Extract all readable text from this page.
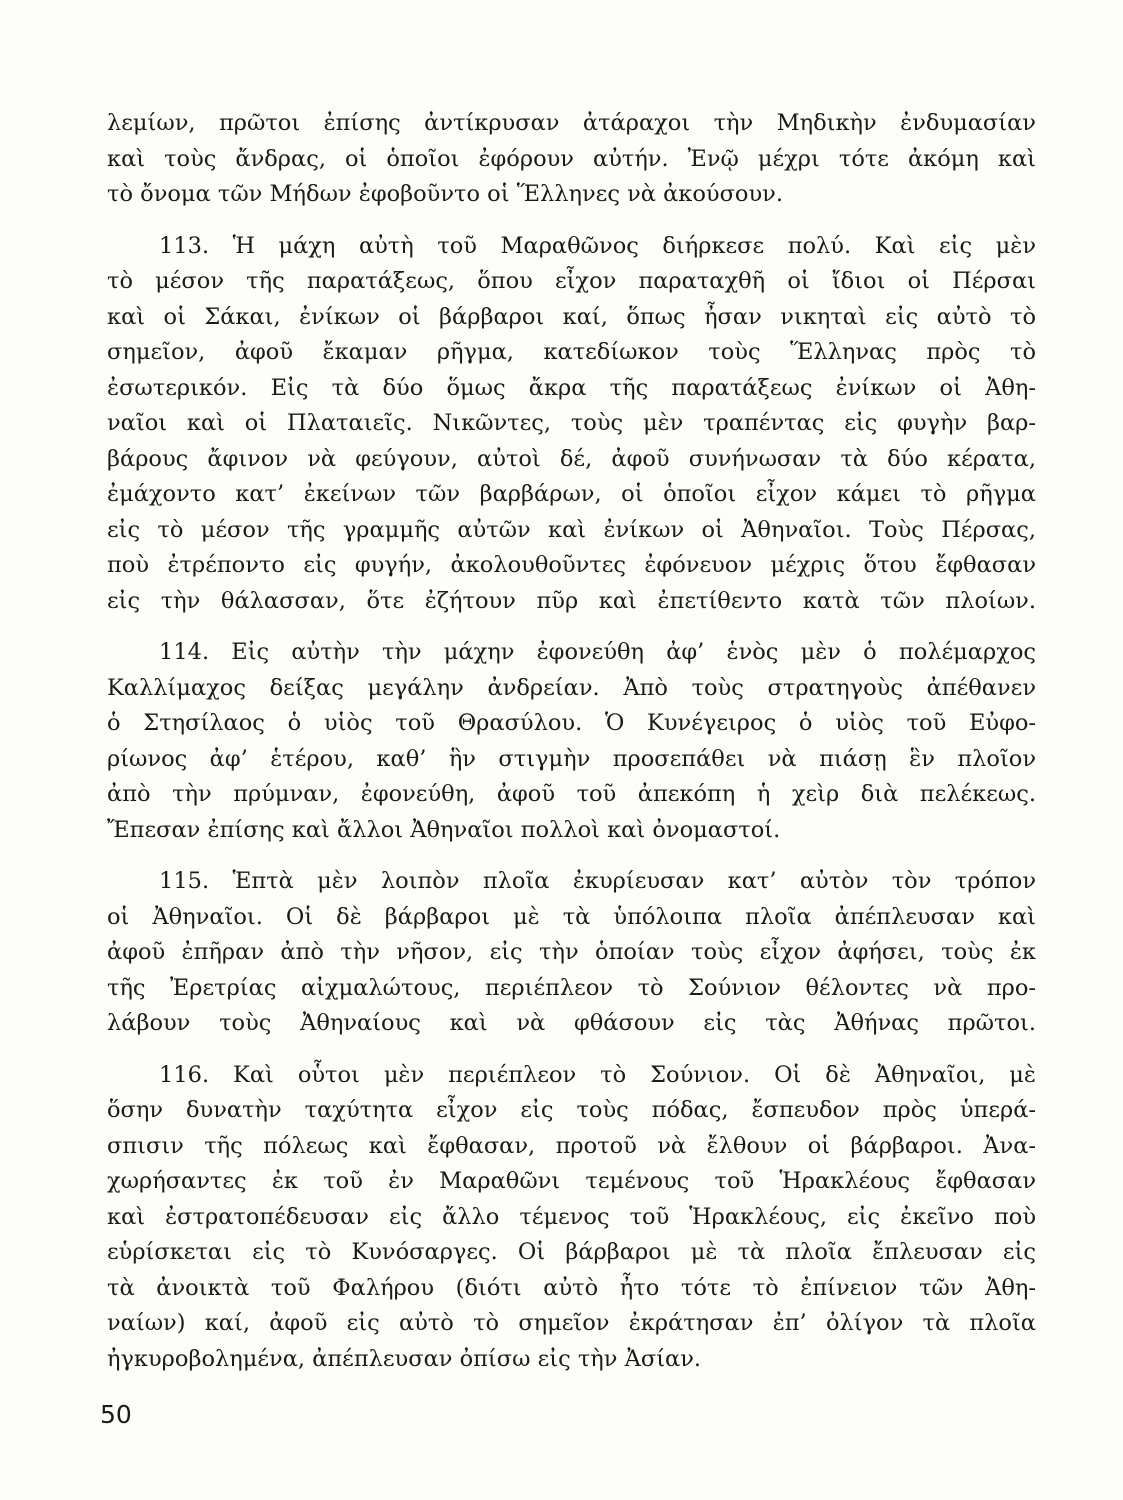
λεμίων, πρῶτοι ἐπίσης ἀντίκρυσαν ἀτάραχοι τὴν Μηδικὴν ἐνδυμασίαν
καὶ τοὺς ἄνδρας, οἱ ὁποῖοι ἐφόρουν αὐτήν. Ἐνῷ μέχρι τότε ἀκόμη καὶ
τὸ ὄνομα τῶν Μήδων ἐφοβοῦντο οἱ Ἕλληνες νὰ ἀκούσουν.
113. Ἡ μάχη αὐτὴ τοῦ Μαραθῶνος διήρκεσε πολύ. Καὶ εἰς μὲν
τὸ μέσον τῆς παρατάξεως, ὅπου εἶχον παραταχθῆ οἱ ἴδιοι οἱ Πέρσαι
καὶ οἱ Σάκαι, ἐνίκων οἱ βάρβαροι καί, ὅπως ἦσαν νικηταὶ εἰς αὐτὸ τὸ
σημεῖον, ἀφοῦ ἔκαμαν ρῆγμα, κατεδίωκον τοὺς Ἕλληνας πρὸς τὸ
ἐσωτερικόν. Εἰς τὰ δύο ὅμως ἄκρα τῆς παρατάξεως ἐνίκων οἱ Ἀθη-
ναῖοι καὶ οἱ Πλαταιεῖς. Νικῶντες, τοὺς μὲν τραπέντας εἰς φυγὴν βαρ-
βάρους ἄφινον νὰ φεύγουν, αὐτοὶ δέ, ἀφοῦ συνήνωσαν τὰ δύο κέρατα,
ἐμάχοντο κατ’ ἐκείνων τῶν βαρβάρων, οἱ ὁποῖοι εἶχον κάμει τὸ ρῆγμα
εἰς τὸ μέσον τῆς γραμμῆς αὐτῶν καὶ ἐνίκων οἱ Ἀθηναῖοι. Τοὺς Πέρσας,
ποὺ ἐτρέποντο εἰς φυγήν, ἀκολουθοῦντες ἐφόνευον μέχρις ὅτου ἔφθασαν
εἰς τὴν θάλασσαν, ὅτε ἐζήτουν πῦρ καὶ ἐπετίθεντο κατὰ τῶν πλοίων.
114. Εἰς αὐτὴν τὴν μάχην ἐφονεύθη ἀφ’ ἑνὸς μὲν ὁ πολέμαρχος
Καλλίμαχος δείξας μεγάλην ἀνδρείαν. Ἀπὸ τοὺς στρατηγοὺς ἀπέθανεν
ὁ Στησίλαος ὁ υἱὸς τοῦ Θρασύλου. Ὁ Κυνέγειρος ὁ υἱὸς τοῦ Εὐφο-
ρίωνος ἀφ’ ἑτέρου, καθ’ ἣν στιγμὴν προσεπάθει νὰ πιάσῃ ἓν πλοῖον
ἀπὸ τὴν πρύμναν, ἐφονεύθη, ἀφοῦ τοῦ ἀπεκόπη ἡ χεὶρ διὰ πελέκεως.
Ἔπεσαν ἐπίσης καὶ ἄλλοι Ἀθηναῖοι πολλοὶ καὶ ὀνομαστοί.
115. Ἑπτὰ μὲν λοιπὸν πλοῖα ἐκυρίευσαν κατ’ αὐτὸν τὸν τρόπον
οἱ Ἀθηναῖοι. Οἱ δὲ βάρβαροι μὲ τὰ ὑπόλοιπα πλοῖα ἀπέπλευσαν καὶ
ἀφοῦ ἐπῆραν ἀπὸ τὴν νῆσον, εἰς τὴν ὁποίαν τοὺς εἶχον ἀφήσει, τοὺς ἐκ
τῆς Ἐρετρίας αἰχμαλώτους, περιέπλεον τὸ Σούνιον θέλοντες νὰ προ-
λάβουν τοὺς Ἀθηναίους καὶ νὰ φθάσουν εἰς τὰς Ἀθήνας πρῶτοι.
116. Καὶ οὗτοι μὲν περιέπλεον τὸ Σούνιον. Οἱ δὲ Ἀθηναῖοι, μὲ
ὅσην δυνατὴν ταχύτητα εἶχον εἰς τοὺς πόδας, ἔσπευδον πρὸς ὑπερά-
σπισιν τῆς πόλεως καὶ ἔφθασαν, προτοῦ νὰ ἔλθουν οἱ βάρβαροι. Ἀνα-
χωρήσαντες ἐκ τοῦ ἐν Μαραθῶνι τεμένους τοῦ Ἡρακλέους ἔφθασαν
καὶ ἐστρατοπέδευσαν εἰς ἄλλο τέμενος τοῦ Ἡρακλέους, εἰς ἐκεῖνο ποὺ
εὑρίσκεται εἰς τὸ Κυνόσαργες. Οἱ βάρβαροι μὲ τὰ πλοῖα ἔπλευσαν εἰς
τὰ ἀνοικτὰ τοῦ Φαλήρου (διότι αὐτὸ ἦτο τότε τὸ ἐπίνειον τῶν Ἀθη-
ναίων) καί, ἀφοῦ εἰς αὐτὸ τὸ σημεῖον ἐκράτησαν ἐπ’ ὀλίγον τὰ πλοῖα
ἠγκυροβολημένα, ἀπέπλευσαν ὀπίσω εἰς τὴν Ἀσίαν.
50
